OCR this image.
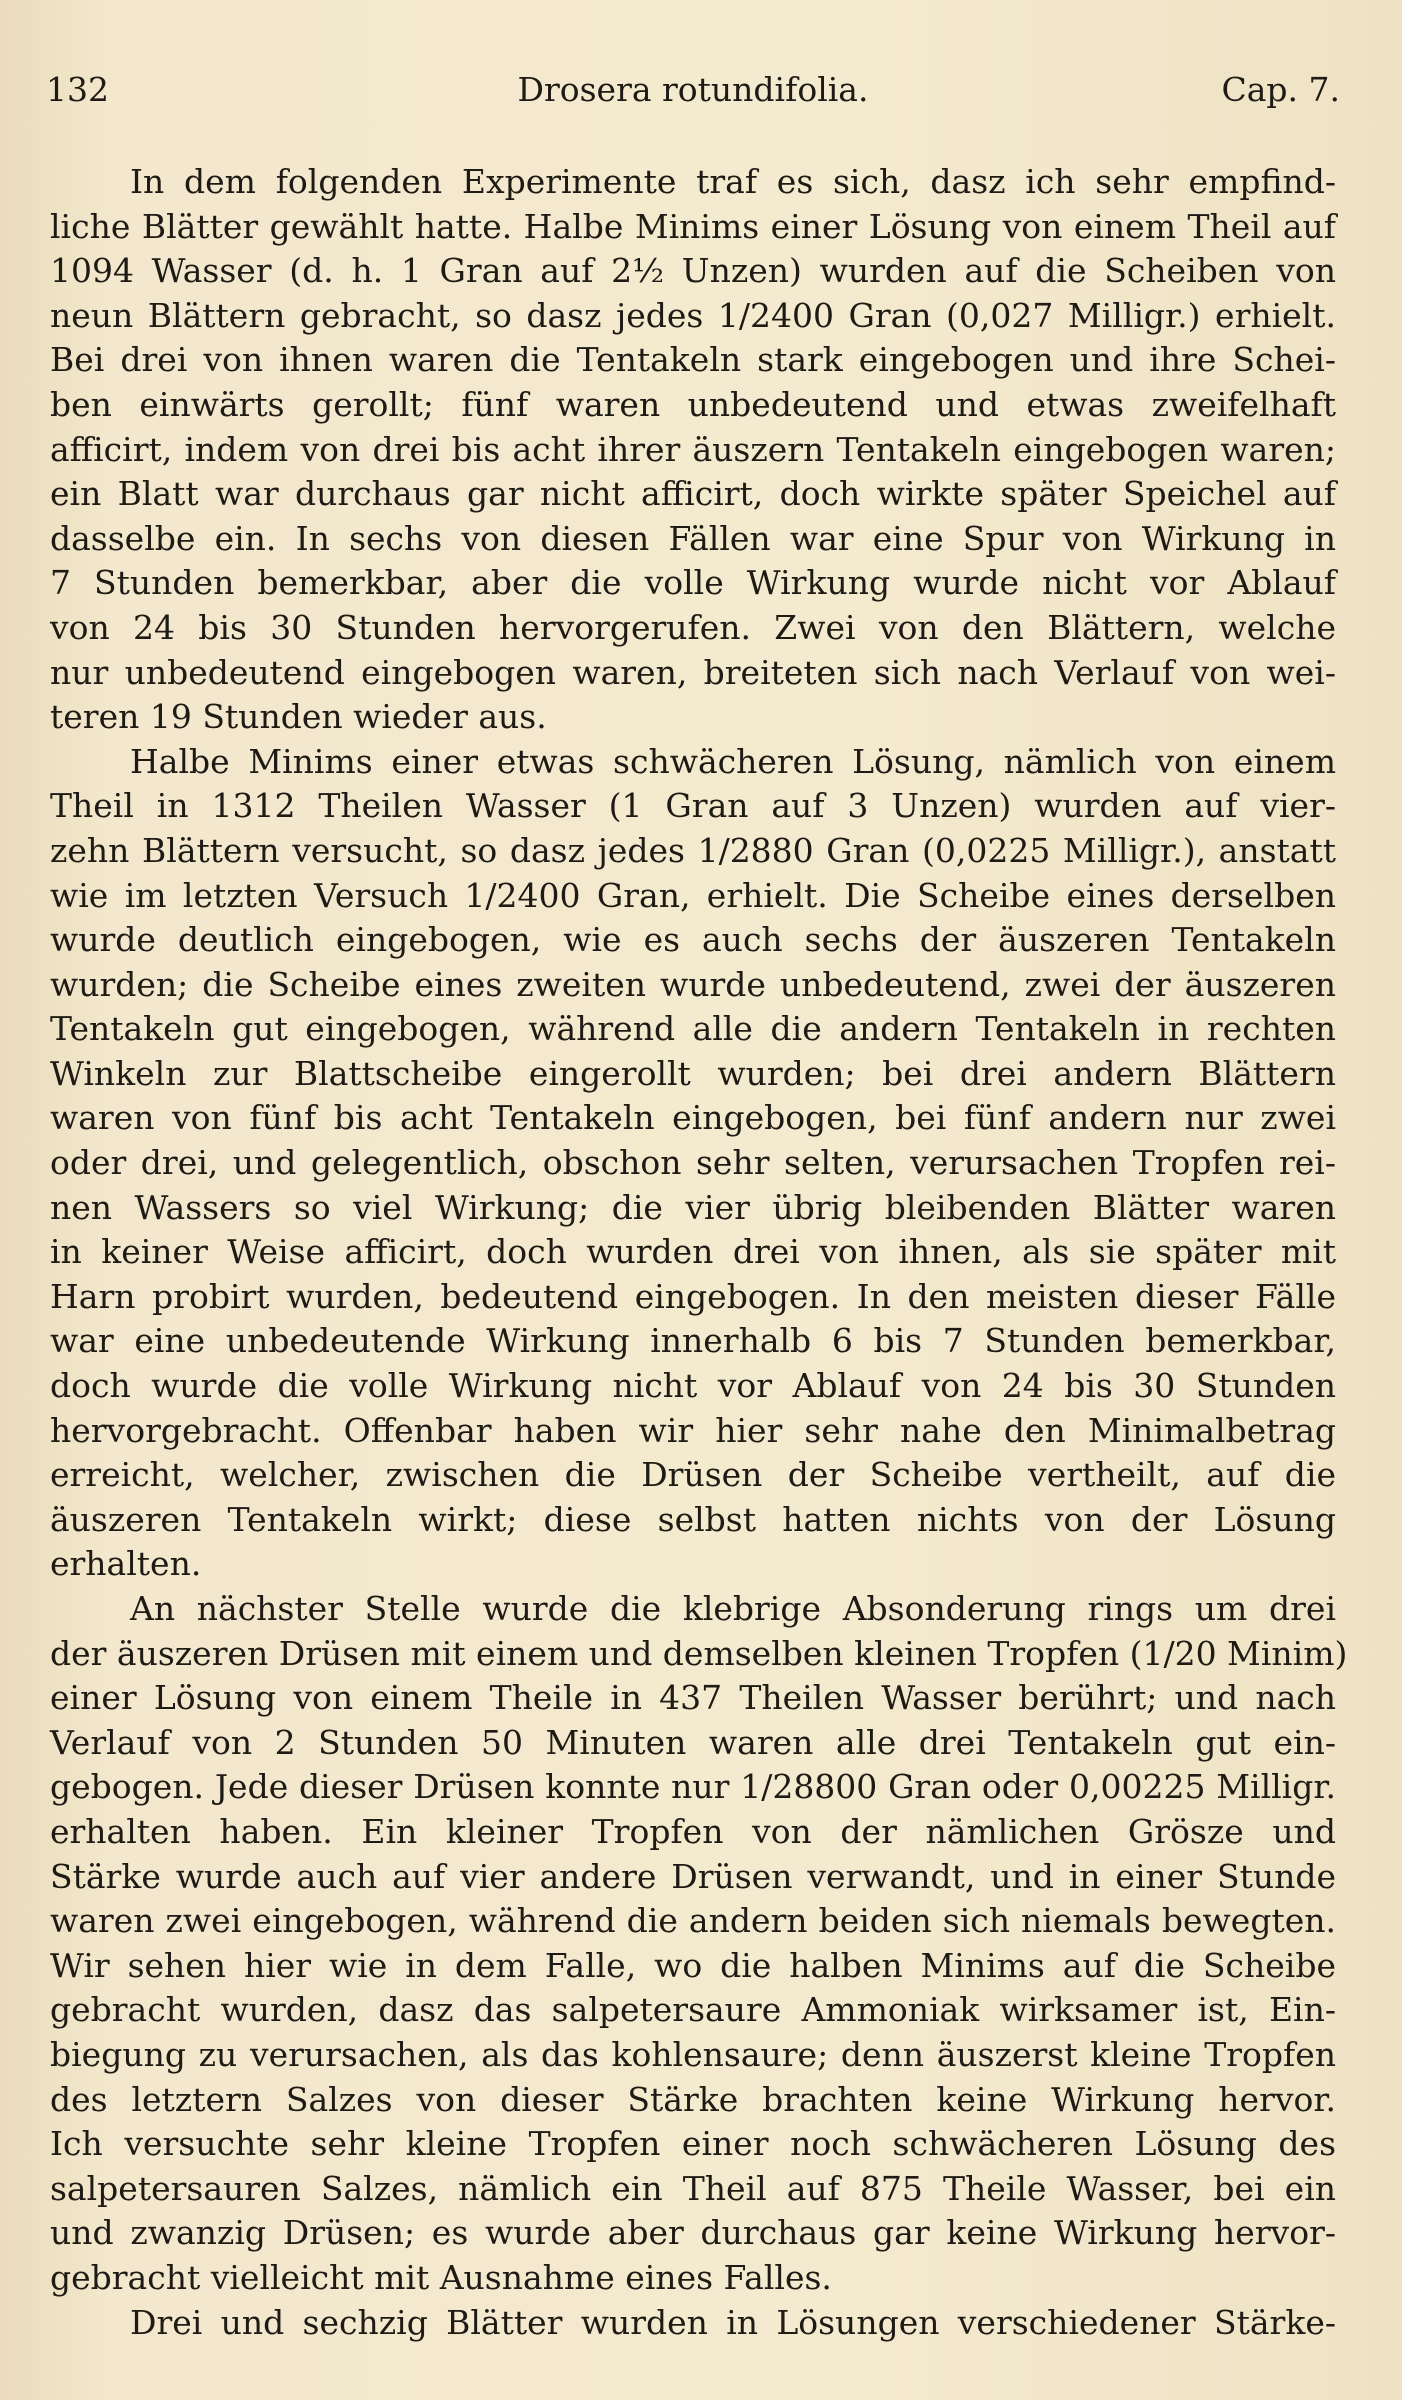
132	Drosera rotundifolia.	Cap. 7.
In dem folgenden Experimente traf es sich, dasz ich sehr empfind-
liche Blätter gewählt hatte. Halbe Minims einer Lösung von einem Theil auf
1094 Wasser (d. h. 1 Gran auf 2½ Unzen) wurden auf die Scheiben von
neun Blättern gebracht, so dasz jedes 1/2400 Gran (0,027 Milligr.) erhielt.
Bei drei von ihnen waren die Tentakeln stark eingebogen und ihre Schei-
ben einwärts gerollt; fünf waren unbedeutend und etwas zweifelhaft
afficirt, indem von drei bis acht ihrer äuszern Tentakeln eingebogen waren;
ein Blatt war durchaus gar nicht afficirt, doch wirkte später Speichel auf
dasselbe ein. In sechs von diesen Fällen war eine Spur von Wirkung in
7 Stunden bemerkbar, aber die volle Wirkung wurde nicht vor Ablauf
von 24 bis 30 Stunden hervorgerufen. Zwei von den Blättern, welche
nur unbedeutend eingebogen waren, breiteten sich nach Verlauf von wei-
teren 19 Stunden wieder aus.
Halbe Minims einer etwas schwächeren Lösung, nämlich von einem
Theil in 1312 Theilen Wasser (1 Gran auf 3 Unzen) wurden auf vier-
zehn Blättern versucht, so dasz jedes 1/2880 Gran (0,0225 Milligr.), anstatt
wie im letzten Versuch 1/2400 Gran, erhielt. Die Scheibe eines derselben
wurde deutlich eingebogen, wie es auch sechs der äuszeren Tentakeln
wurden; die Scheibe eines zweiten wurde unbedeutend, zwei der äuszeren
Tentakeln gut eingebogen, während alle die andern Tentakeln in rechten
Winkeln zur Blattscheibe eingerollt wurden; bei drei andern Blättern
waren von fünf bis acht Tentakeln eingebogen, bei fünf andern nur zwei
oder drei, und gelegentlich, obschon sehr selten, verursachen Tropfen rei-
nen Wassers so viel Wirkung; die vier übrig bleibenden Blätter waren
in keiner Weise afficirt, doch wurden drei von ihnen, als sie später mit
Harn probirt wurden, bedeutend eingebogen. In den meisten dieser Fälle
war eine unbedeutende Wirkung innerhalb 6 bis 7 Stunden bemerkbar,
doch wurde die volle Wirkung nicht vor Ablauf von 24 bis 30 Stunden
hervorgebracht. Offenbar haben wir hier sehr nahe den Minimalbetrag
erreicht, welcher, zwischen die Drüsen der Scheibe vertheilt, auf die
äuszeren Tentakeln wirkt; diese selbst hatten nichts von der Lösung
erhalten.
An nächster Stelle wurde die klebrige Absonderung rings um drei
der äuszeren Drüsen mit einem und demselben kleinen Tropfen (1/20 Minim)
einer Lösung von einem Theile in 437 Theilen Wasser berührt; und nach
Verlauf von 2 Stunden 50 Minuten waren alle drei Tentakeln gut ein-
gebogen. Jede dieser Drüsen konnte nur 1/28800 Gran oder 0,00225 Milligr.
erhalten haben. Ein kleiner Tropfen von der nämlichen Grösze und
Stärke wurde auch auf vier andere Drüsen verwandt, und in einer Stunde
waren zwei eingebogen, während die andern beiden sich niemals bewegten.
Wir sehen hier wie in dem Falle, wo die halben Minims auf die Scheibe
gebracht wurden, dasz das salpetersaure Ammoniak wirksamer ist, Ein-
biegung zu verursachen, als das kohlensaure; denn äuszerst kleine Tropfen
des letztern Salzes von dieser Stärke brachten keine Wirkung hervor.
Ich versuchte sehr kleine Tropfen einer noch schwächeren Lösung des
salpetersauren Salzes, nämlich ein Theil auf 875 Theile Wasser, bei ein
und zwanzig Drüsen; es wurde aber durchaus gar keine Wirkung hervor-
gebracht vielleicht mit Ausnahme eines Falles.
Drei und sechzig Blätter wurden in Lösungen verschiedener Stärke-
